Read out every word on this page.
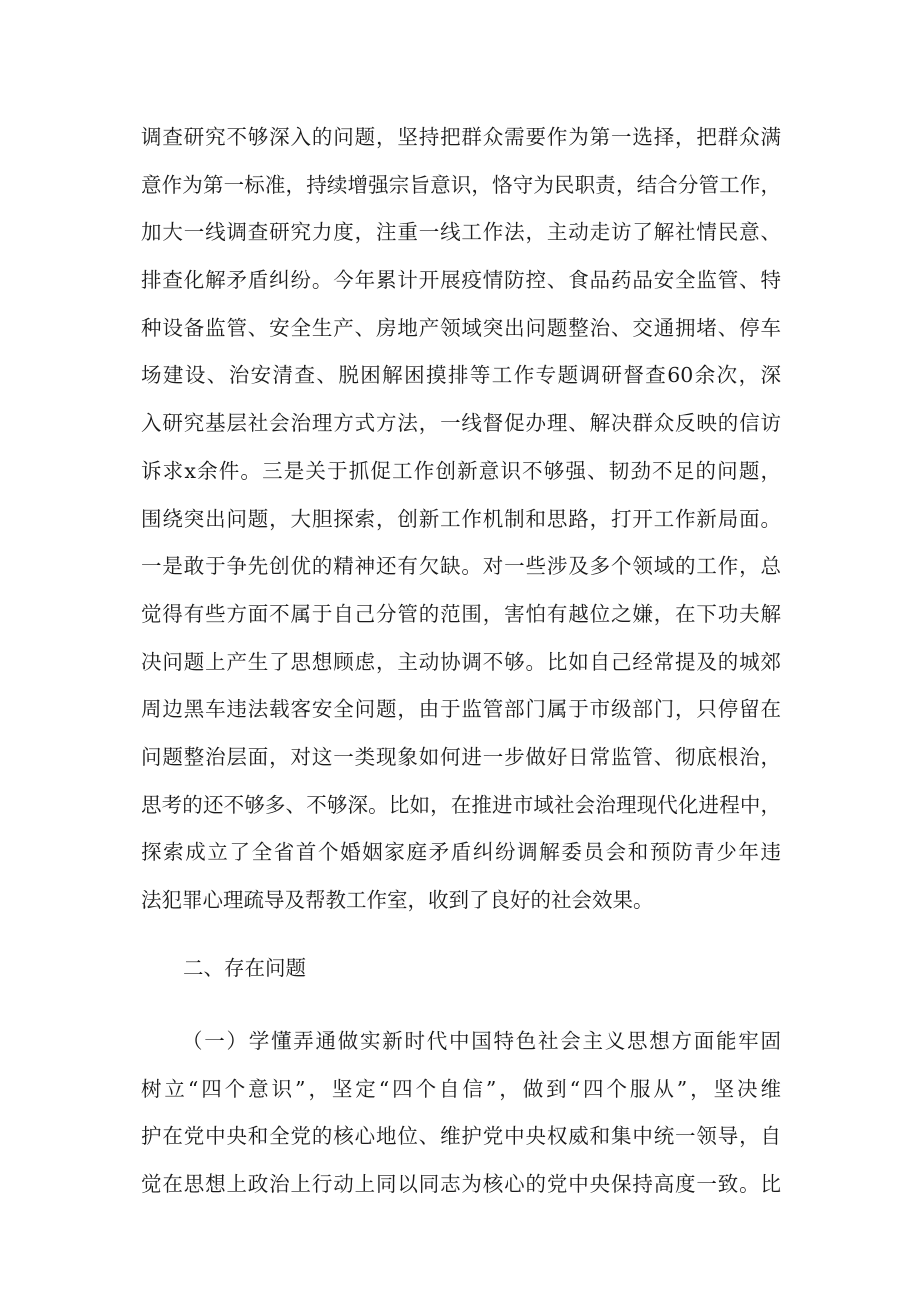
调查研究不够深入的问题，坚持把群众需要作为第一选择，把群众满
意作为第一标准，持续增强宗旨意识，恪守为民职责，结合分管工作，
加大一线调查研究力度，注重一线工作法，主动走访了解社情民意、
排查化解矛盾纠纷。今年累计开展疫情防控、食品药品安全监管、特
种设备监管、安全生产、房地产领域突出问题整治、交通拥堵、停车
场建设、治安清查、脱困解困摸排等工作专题调研督查60余次，深
入研究基层社会治理方式方法，一线督促办理、解决群众反映的信访
诉求x余件。三是关于抓促工作创新意识不够强、韧劲不足的问题，
围绕突出问题，大胆探索，创新工作机制和思路，打开工作新局面。
一是敢于争先创优的精神还有欠缺。对一些涉及多个领域的工作，总
觉得有些方面不属于自己分管的范围，害怕有越位之嫌，在下功夫解
决问题上产生了思想顾虑，主动协调不够。比如自己经常提及的城郊
周边黑车违法载客安全问题，由于监管部门属于市级部门，只停留在
问题整治层面，对这一类现象如何进一步做好日常监管、彻底根治，
思考的还不够多、不够深。比如，在推进市域社会治理现代化进程中，
探索成立了全省首个婚姻家庭矛盾纠纷调解委员会和预防青少年违
法犯罪心理疏导及帮教工作室，收到了良好的社会效果。
二、存在问题
（一）学懂弄通做实新时代中国特色社会主义思想方面能牢固
树立“四个意识”，坚定“四个自信”，做到“四个服从”，坚决维
护在党中央和全党的核心地位、维护党中央权威和集中统一领导，自
觉在思想上政治上行动上同以同志为核心的党中央保持高度一致。比
